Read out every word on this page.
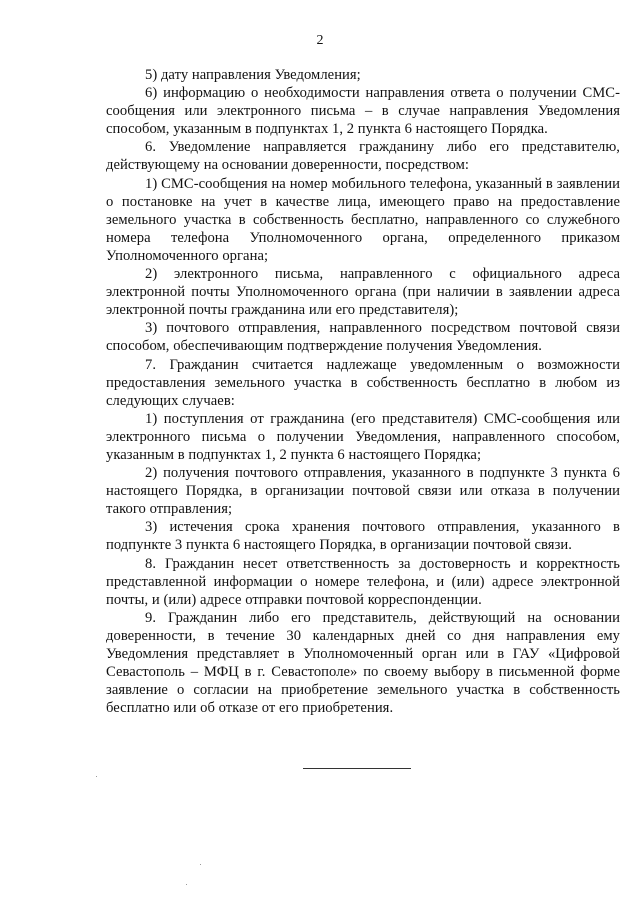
2

5) дату направления Уведомления;

6) информацию о необходимости направления ответа о получении СМС-сообщения или электронного письма – в случае направления Уведомления способом, указанным в подпунктах 1, 2 пункта 6 настоящего Порядка.

6. Уведомление направляется гражданину либо его представителю, действующему на основании доверенности, посредством:

1) СМС-сообщения на номер мобильного телефона, указанный в заявлении о постановке на учет в качестве лица, имеющего право на предоставление земельного участка в собственность бесплатно, направленного со служебного номера телефона Уполномоченного органа, определенного приказом Уполномоченного органа;

2) электронного письма, направленного с официального адреса электронной почты Уполномоченного органа (при наличии в заявлении адреса электронной почты гражданина или его представителя);

3) почтового отправления, направленного посредством почтовой связи способом, обеспечивающим подтверждение получения Уведомления.

7. Гражданин считается надлежаще уведомленным о возможности предоставления земельного участка в собственность бесплатно в любом из следующих случаев:

1) поступления от гражданина (его представителя) СМС-сообщения или электронного письма о получении Уведомления, направленного способом, указанным в подпунктах 1, 2 пункта 6 настоящего Порядка;

2) получения почтового отправления, указанного в подпункте 3 пункта 6 настоящего Порядка, в организации почтовой связи или отказа в получении такого отправления;

3) истечения срока хранения почтового отправления, указанного в подпункте 3 пункта 6 настоящего Порядка, в организации почтовой связи.

8. Гражданин несет ответственность за достоверность и корректность представленной информации о номере телефона, и (или) адресе электронной почты, и (или) адресе отправки почтовой корреспонденции.

9. Гражданин либо его представитель, действующий на основании доверенности, в течение 30 календарных дней со дня направления ему Уведомления представляет в Уполномоченный орган или в ГАУ «Цифровой Севастополь – МФЦ в г. Севастополе» по своему выбору в письменной форме заявление о согласии на приобретение земельного участка в собственность бесплатно или об отказе от его приобретения.
